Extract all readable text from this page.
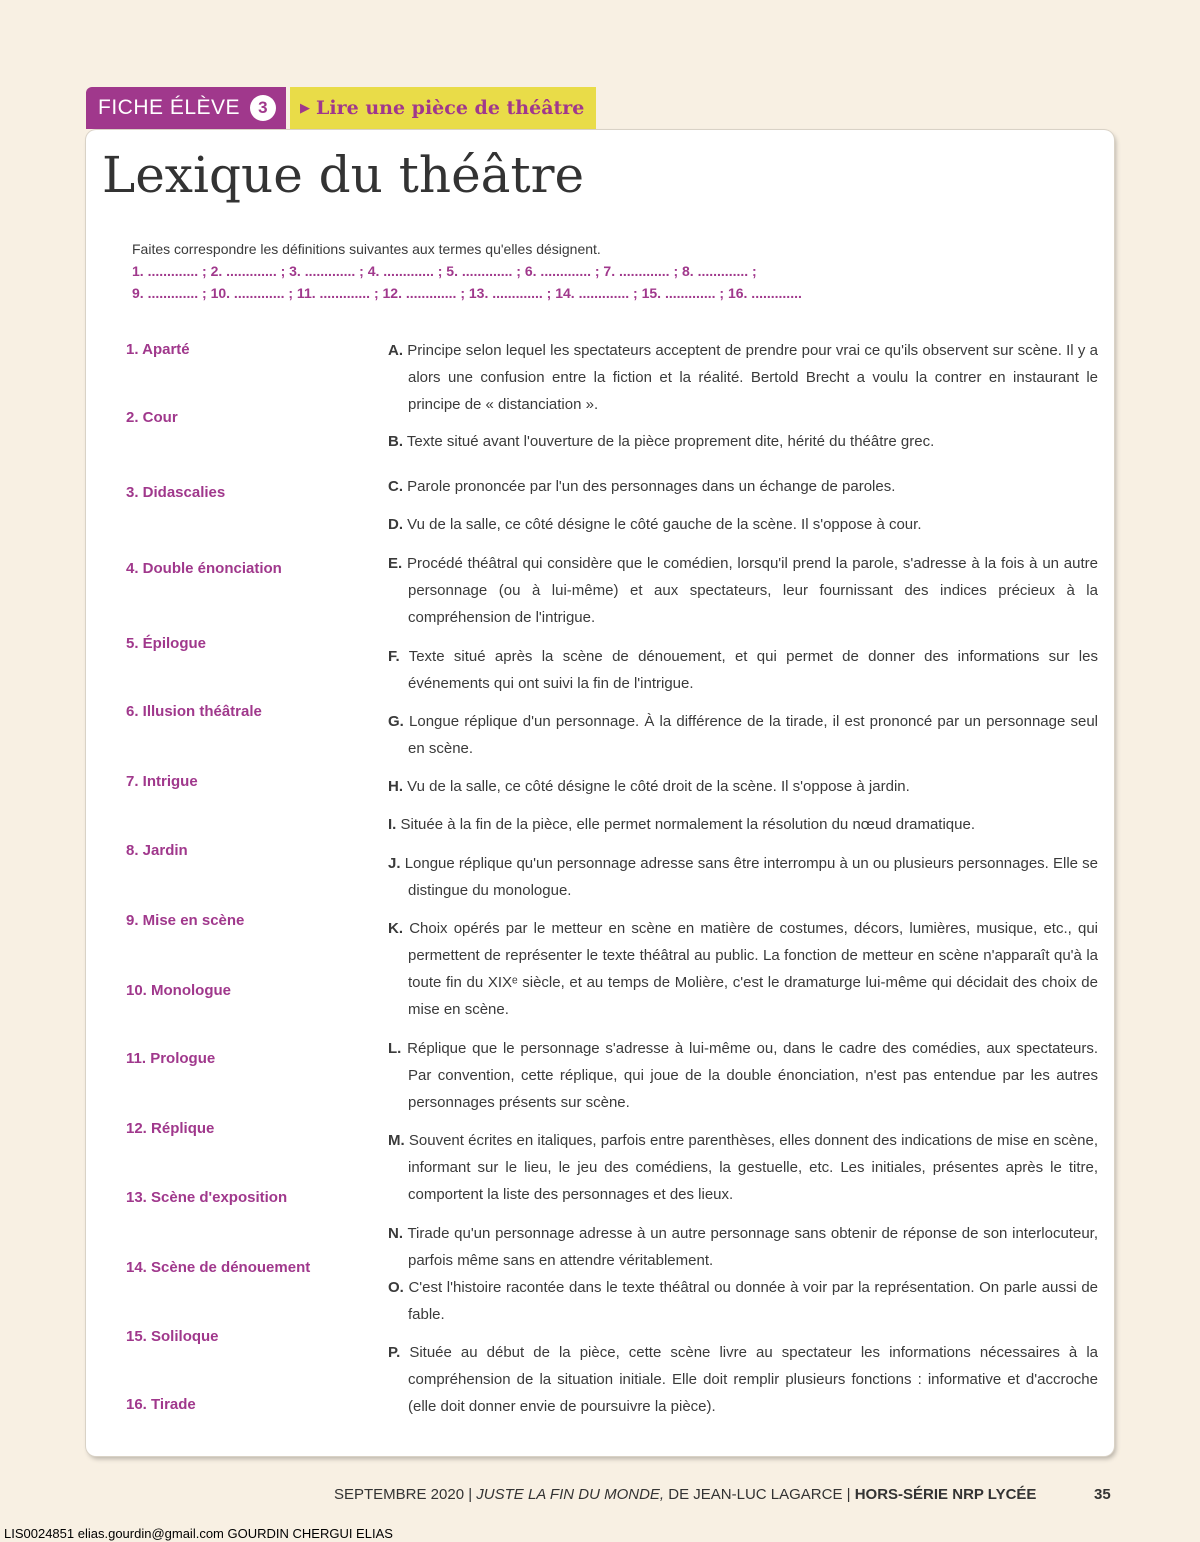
FICHE ÉLÈVE	3	▶ Lire une pièce de théâtre
Lexique du théâtre
Faites correspondre les définitions suivantes aux termes qu'elles désignent.
1. ............. ; 2. ............. ; 3. ............. ; 4. ............. ; 5. ............. ; 6. ............. ; 7. ............. ; 8. ............. ;
9. ............. ; 10. ............. ; 11. ............. ; 12. ............. ; 13. ............. ; 14. ............. ; 15. ............. ; 16. .............
1. Aparté
2. Cour
3. Didascalies
4. Double énonciation
5. Épilogue
6. Illusion théâtrale
7. Intrigue
8. Jardin
9. Mise en scène
10. Monologue
11. Prologue
12. Réplique
13. Scène d'exposition
14. Scène de dénouement
15. Soliloque
16. Tirade
A. Principe selon lequel les spectateurs acceptent de prendre pour vrai ce qu'ils observent sur scène. Il y a alors une confusion entre la fiction et la réalité. Bertold Brecht a voulu la contrer en instaurant le principe de « distanciation ».
B. Texte situé avant l'ouverture de la pièce proprement dite, hérité du théâtre grec.
C. Parole prononcée par l'un des personnages dans un échange de paroles.
D. Vu de la salle, ce côté désigne le côté gauche de la scène. Il s'oppose à cour.
E. Procédé théâtral qui considère que le comédien, lorsqu'il prend la parole, s'adresse à la fois à un autre personnage (ou à lui-même) et aux spectateurs, leur fournissant des indices précieux à la compréhension de l'intrigue.
F. Texte situé après la scène de dénouement, et qui permet de donner des informations sur les événements qui ont suivi la fin de l'intrigue.
G. Longue réplique d'un personnage. À la différence de la tirade, il est prononcé par un personnage seul en scène.
H. Vu de la salle, ce côté désigne le côté droit de la scène. Il s'oppose à jardin.
I. Située à la fin de la pièce, elle permet normalement la résolution du nœud dramatique.
J. Longue réplique qu'un personnage adresse sans être interrompu à un ou plusieurs personnages. Elle se distingue du monologue.
K. Choix opérés par le metteur en scène en matière de costumes, décors, lumières, musique, etc., qui permettent de représenter le texte théâtral au public. La fonction de metteur en scène n'apparaît qu'à la toute fin du XIXᵉ siècle, et au temps de Molière, c'est le dramaturge lui-même qui décidait des choix de mise en scène.
L. Réplique que le personnage s'adresse à lui-même ou, dans le cadre des comédies, aux spectateurs. Par convention, cette réplique, qui joue de la double énonciation, n'est pas entendue par les autres personnages présents sur scène.
M. Souvent écrites en italiques, parfois entre parenthèses, elles donnent des indications de mise en scène, informant sur le lieu, le jeu des comédiens, la gestuelle, etc. Les initiales, présentes après le titre, comportent la liste des personnages et des lieux.
N. Tirade qu'un personnage adresse à un autre personnage sans obtenir de réponse de son interlocuteur, parfois même sans en attendre véritablement.
O. C'est l'histoire racontée dans le texte théâtral ou donnée à voir par la représentation. On parle aussi de fable.
P. Située au début de la pièce, cette scène livre au spectateur les informations nécessaires à la compréhension de la situation initiale. Elle doit remplir plusieurs fonctions : informative et d'accroche (elle doit donner envie de poursuivre la pièce).
SEPTEMBRE 2020 | JUSTE LA FIN DU MONDE, DE JEAN-LUC LAGARCE | HORS-SÉRIE NRP LYCÉE	35
LIS0024851 elias.gourdin@gmail.com GOURDIN CHERGUI ELIAS
